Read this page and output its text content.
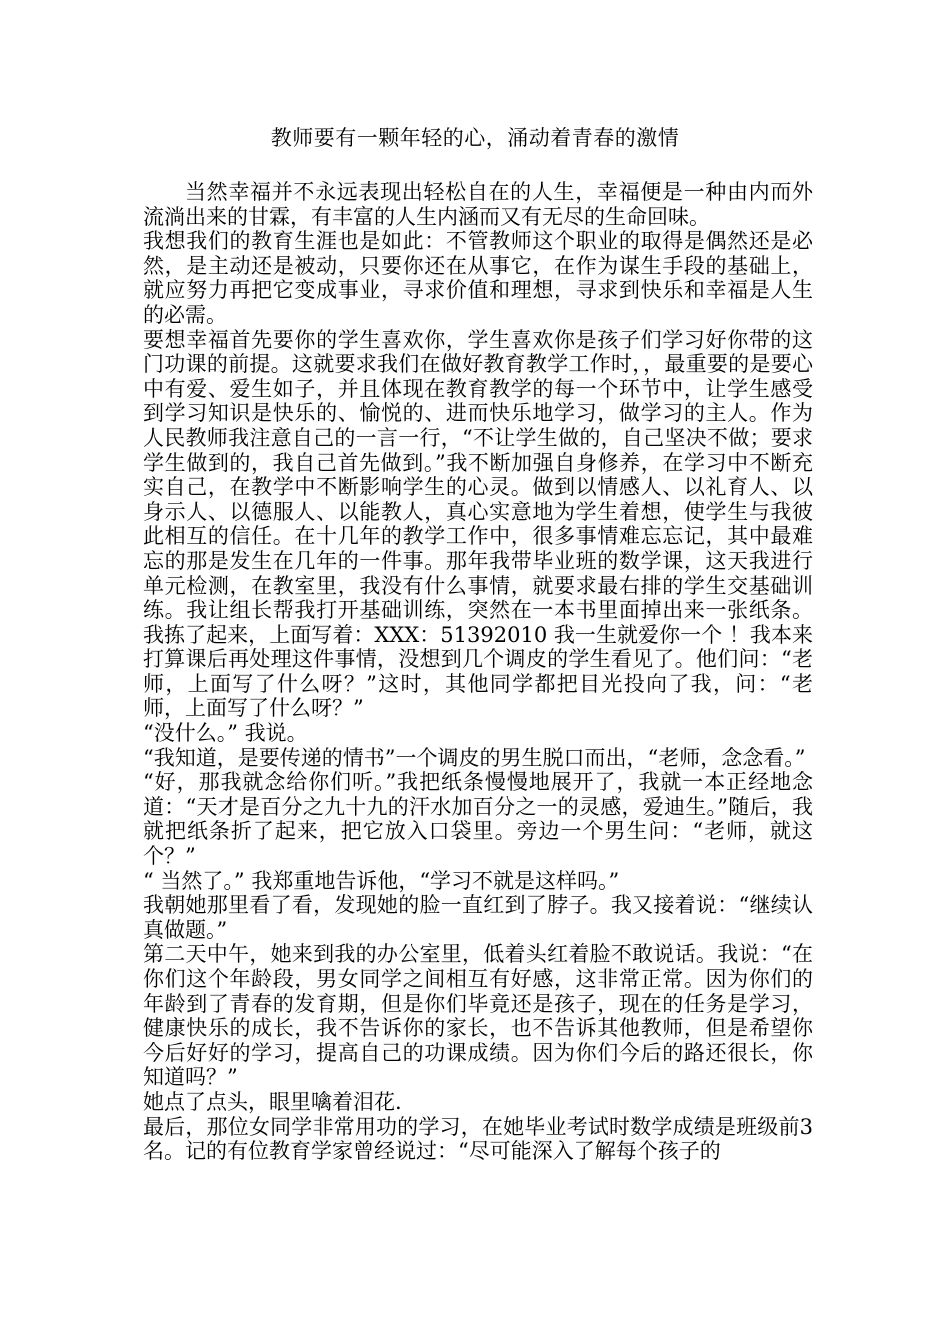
教师要有一颗年轻的心，涌动着青春的激情

当然幸福并不永远表现出轻松自在的人生，幸福便是一种由内而外流淌出来的甘霖，有丰富的人生内涵而又有无尽的生命回味。

我想我们的教育生涯也是如此：不管教师这个职业的取得是偶然还是必然，是主动还是被动，只要你还在从事它，在作为谋生手段的基础上，就应努力再把它变成事业，寻求价值和理想，寻求到快乐和幸福是人生的必需。

要想幸福首先要你的学生喜欢你，学生喜欢你是孩子们学习好你带的这门功课的前提。这就要求我们在做好教育教学工作时，，最重要的是要心中有爱、爱生如子，并且体现在教育教学的每一个环节中，让学生感受到学习知识是快乐的、愉悦的、进而快乐地学习，做学习的主人。作为人民教师我注意自己的一言一行，“不让学生做的，自己坚决不做；要求学生做到的，我自己首先做到。”我不断加强自身修养，在学习中不断充实自己，在教学中不断影响学生的心灵。做到以情感人、以礼育人、以身示人、以德服人、以能教人，真心实意地为学生着想，使学生与我彼此相互的信任。在十几年的教学工作中，很多事情难忘忘记，其中最难忘的那是发生在几年的一件事。那年我带毕业班的数学课，这天我进行单元检测，在教室里，我没有什么事情，就要求最右排的学生交基础训练。我让组长帮我打开基础训练，突然在一本书里面掉出来一张纸条。我拣了起来，上面写着：XXX：51392010 我一生就爱你一个 ！我本来打算课后再处理这件事情，没想到几个调皮的学生看见了。他们问：“老师，上面写了什么呀？”这时，其他同学都把目光投向了我，问：“老师，上面写了什么呀？”

“没什么。” 我说。

“我知道，是要传递的情书”一个调皮的男生脱口而出，“老师，念念看。”

“好，那我就念给你们听。”我把纸条慢慢地展开了，我就一本正经地念道：“天才是百分之九十九的汗水加百分之一的灵感，爱迪生。”随后，我就把纸条折了起来，把它放入口袋里。旁边一个男生问：“老师，就这个？”

“ 当然了。” 我郑重地告诉他，“学习不就是这样吗。”

我朝她那里看了看，发现她的脸一直红到了脖子。我又接着说：“继续认真做题。”

第二天中午，她来到我的办公室里，低着头红着脸不敢说话。我说：“在你们这个年龄段，男女同学之间相互有好感，这非常正常。因为你们的年龄到了青春的发育期，但是你们毕竟还是孩子，现在的任务是学习，健康快乐的成长，我不告诉你的家长，也不告诉其他教师，但是希望你今后好好的学习，提高自己的功课成绩。因为你们今后的路还很长，你知道吗？”

她点了点头，眼里噙着泪花.

最后，那位女同学非常用功的学习，在她毕业考试时数学成绩是班级前3名。记的有位教育学家曾经说过：“尽可能深入了解每个孩子的
